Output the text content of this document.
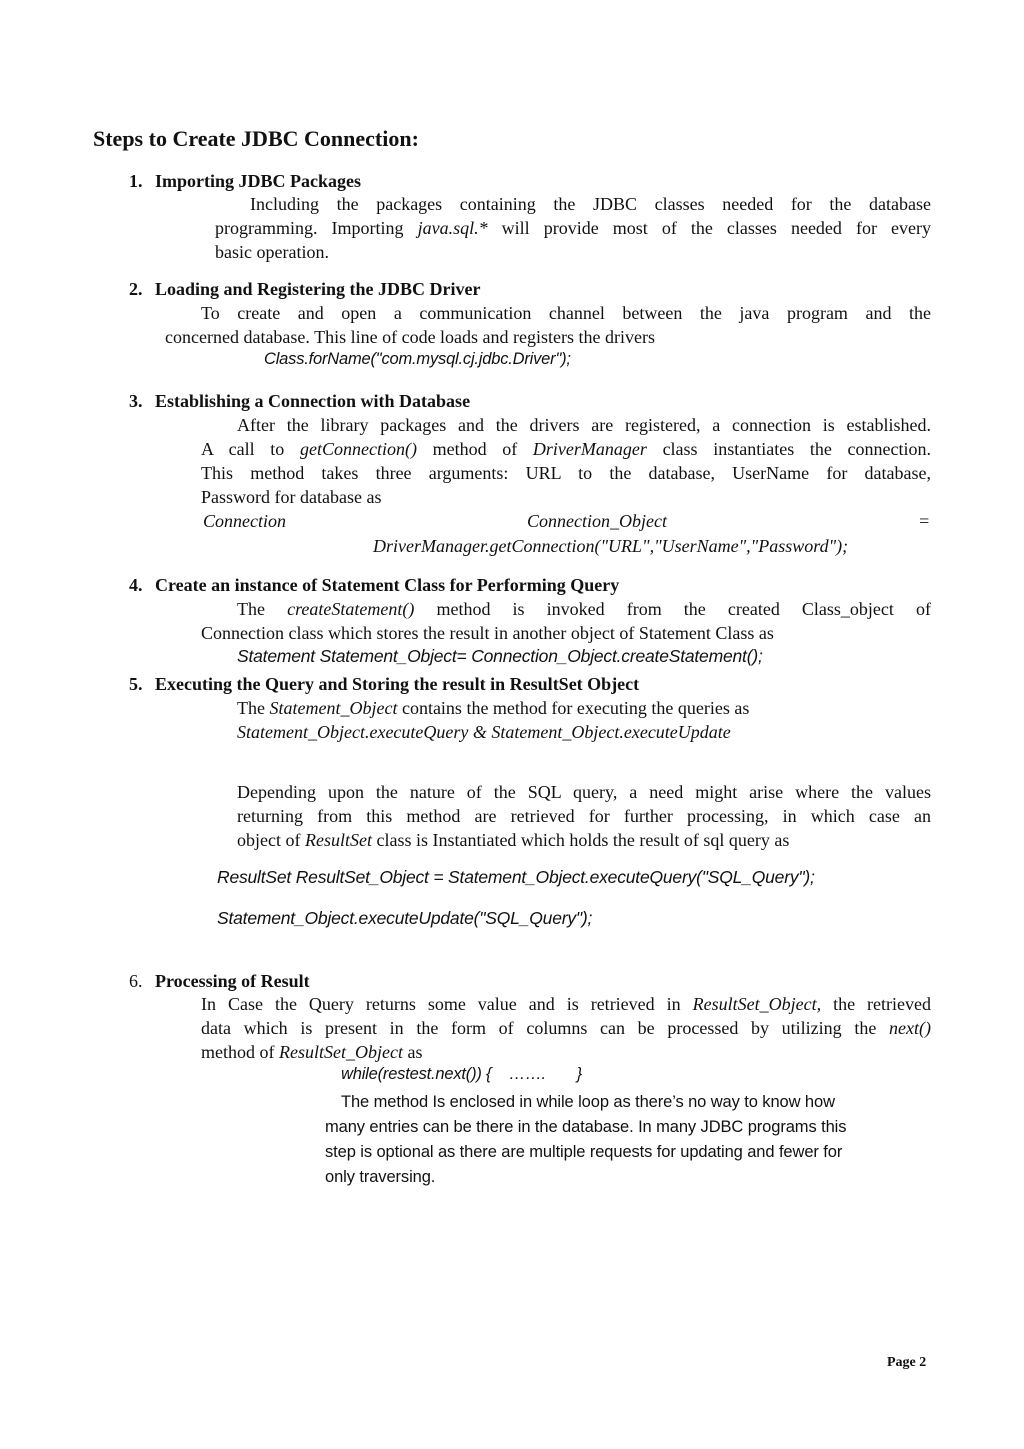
Steps to Create JDBC Connection:
1. Importing JDBC Packages
Including the packages containing the JDBC classes needed for the database
programming. Importing java.sql.* will provide most of the classes needed for every
basic operation.
2. Loading and Registering the JDBC Driver
To create and open a communication channel between the java program and the
concerned database. This line of code loads and registers the drivers
Class.forName("com.mysql.cj.jdbc.Driver");
3. Establishing a Connection with Database
After the library packages and the drivers are registered, a connection is established.
A call to getConnection() method of DriverManager class instantiates the connection.
This method takes three arguments: URL to the database, UserName for database,
Password for database as
Connection	Connection_Object	=
DriverManager.getConnection("URL","UserName","Password");
4. Create an instance of Statement Class for Performing Query
The createStatement() method is invoked from the created Class_object of
Connection class which stores the result in another object of Statement Class as
Statement Statement_Object= Connection_Object.createStatement();
5. Executing the Query and Storing the result in ResultSet Object
The Statement_Object contains the method for executing the queries as
Statement_Object.executeQuery & Statement_Object.executeUpdate
Depending upon the nature of the SQL query, a need might arise where the values
returning from this method are retrieved for further processing, in which case an
object of ResultSet class is Instantiated which holds the result of sql query as
ResultSet ResultSet_Object = Statement_Object.executeQuery("SQL_Query");
Statement_Object.executeUpdate("SQL_Query");
6. Processing of Result
In Case the Query returns some value and is retrieved in ResultSet_Object, the retrieved
data which is present in the form of columns can be processed by utilizing the next()
method of ResultSet_Object as
while(restest.next()) {    …….       }
The method Is enclosed in while loop as there’s no way to know how
many entries can be there in the database. In many JDBC programs this
step is optional as there are multiple requests for updating and fewer for
only traversing.
Page 2
